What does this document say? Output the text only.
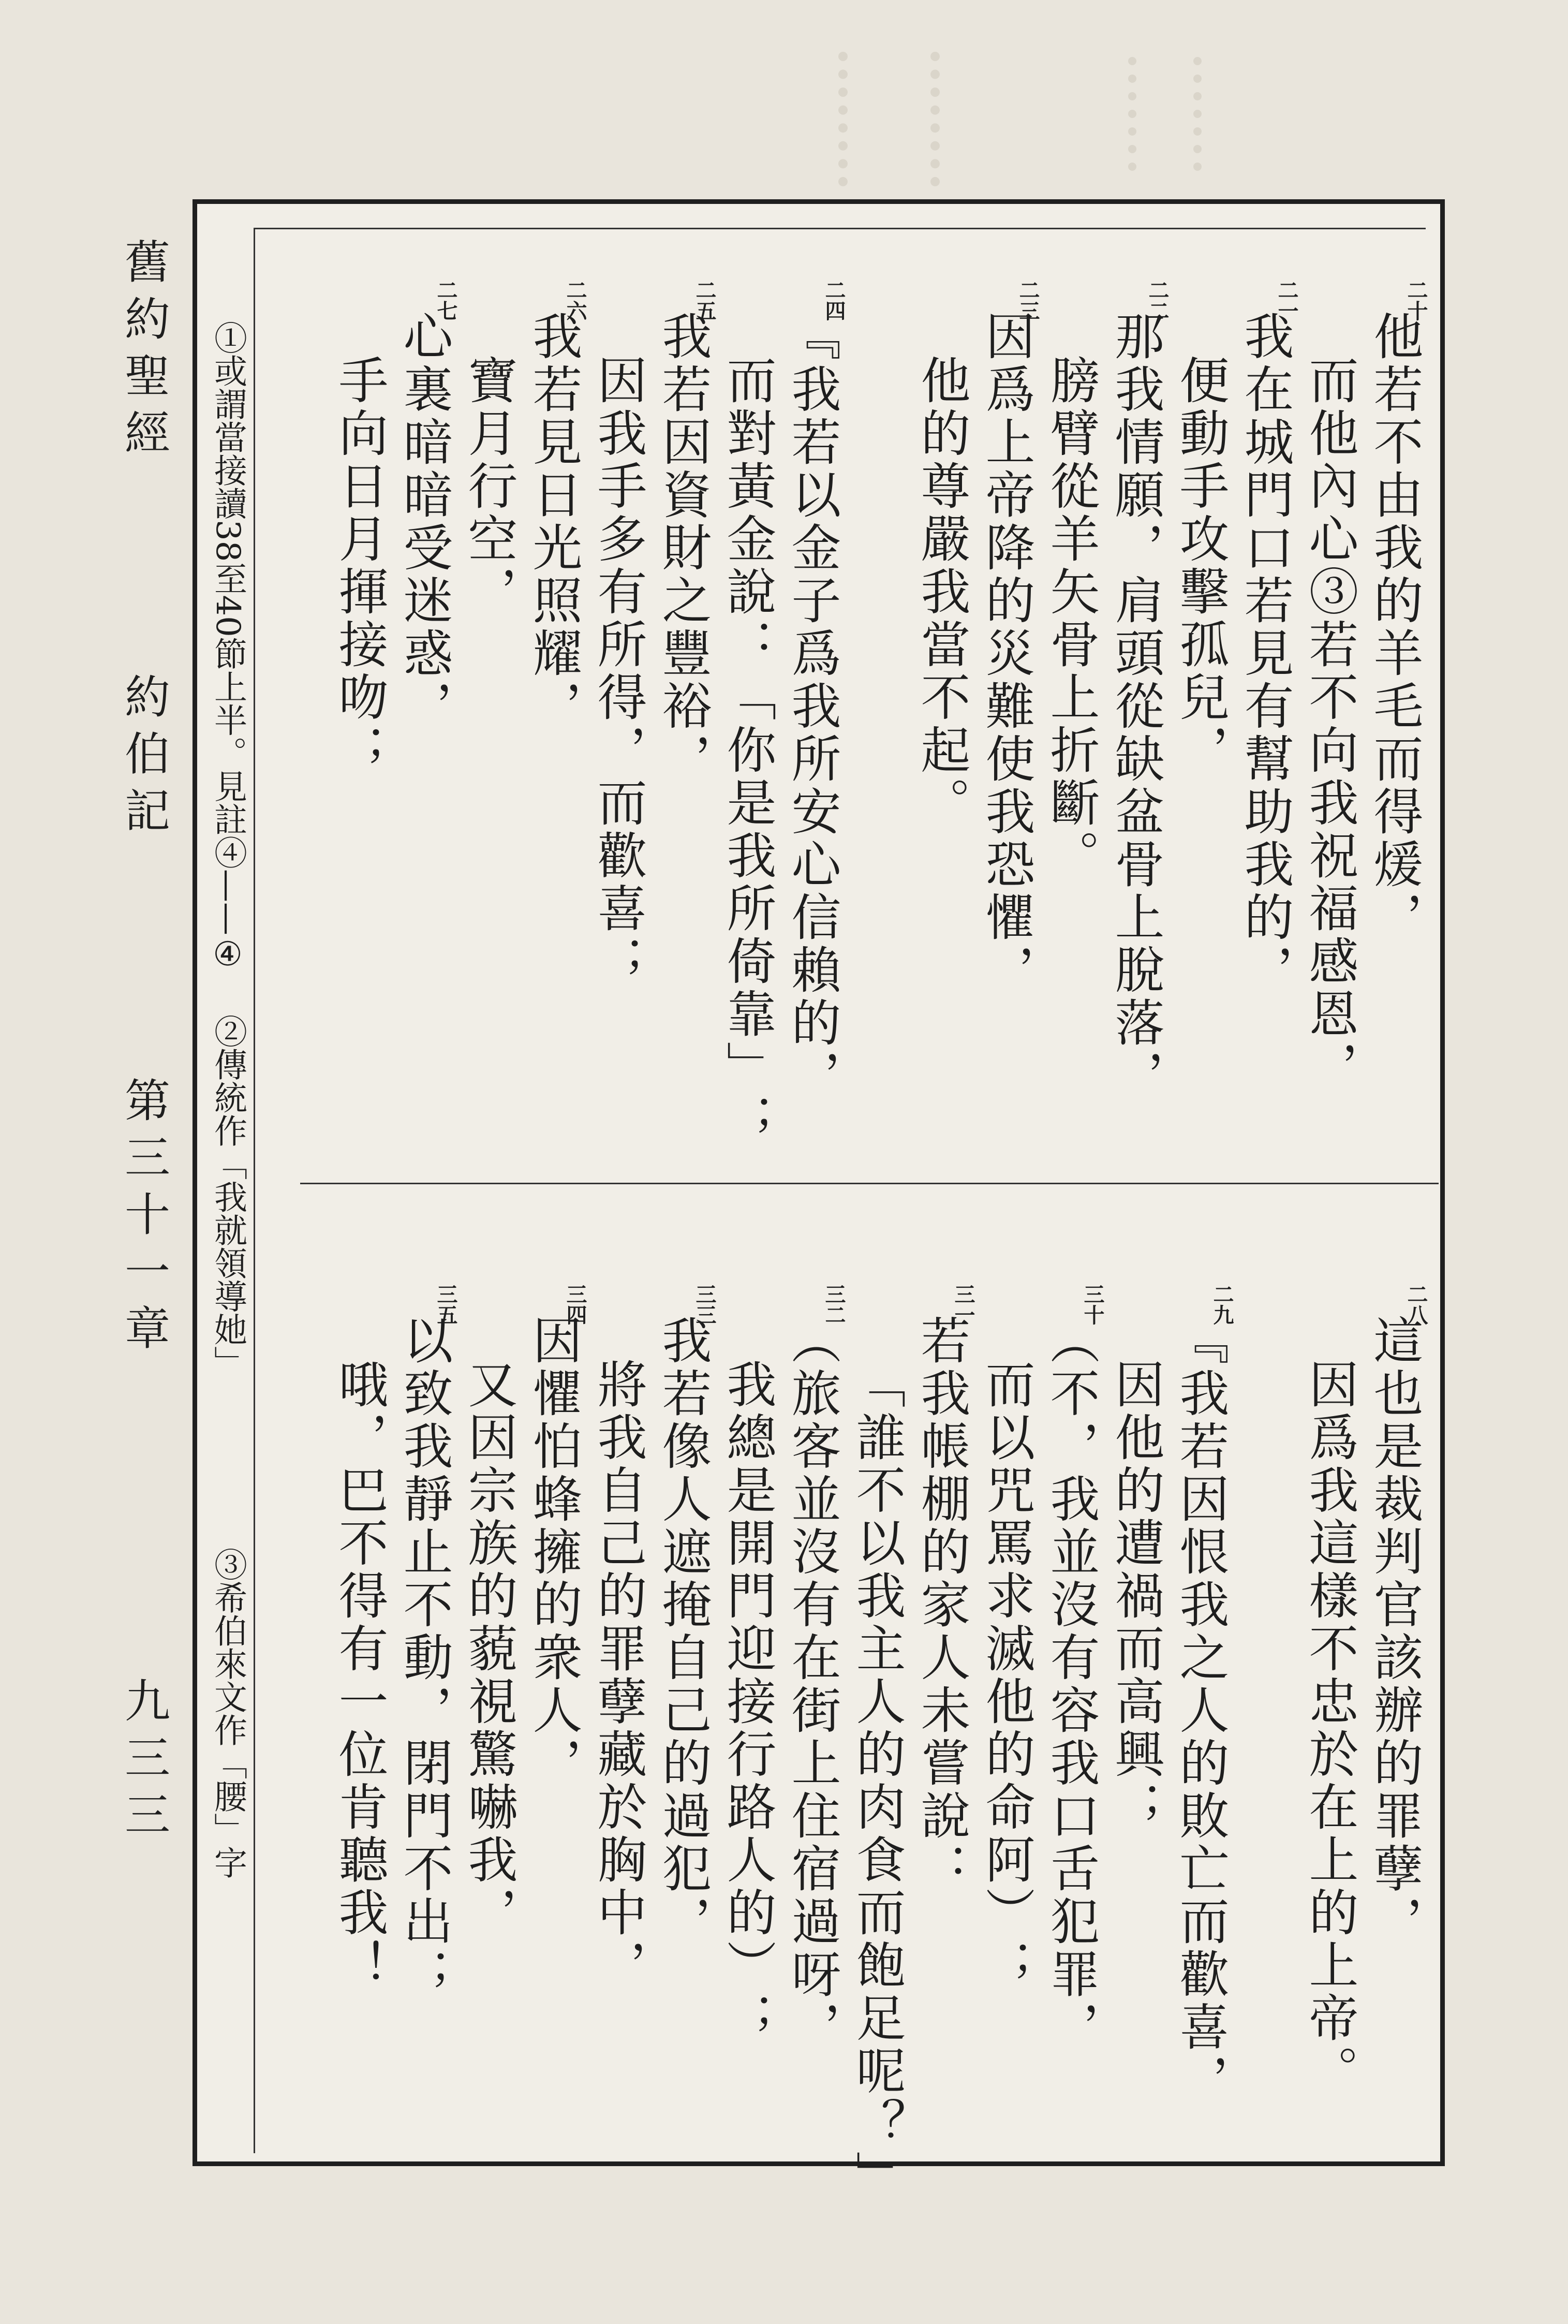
舊約聖經
約伯記
第三十一章
九三三
①或謂當接讀38至40節上半。見註④——④
②傳統作「我就領導她」
③希伯來文作「腰」字
他若不由我的羊毛而得煖，
二十
而他內心③若不向我祝福感恩，
我在城門口若見有幫助我的，
二一
便動手攻擊孤兒，
那我情願，肩頭從缺盆骨上脫落，
二二
膀臂從羊矢骨上折斷。
因爲上帝降的災難使我恐懼，
二三
他的尊嚴我當不起。
『我若以金子爲我所安心信賴的，
二四
而對黃金說：「你是我所倚靠」；
我若因資財之豐裕，
二五
因我手多有所得，而歡喜；
我若見日光照耀，
二六
寶月行空，
心裏暗暗受迷惑，
二七
手向日月揮接吻；
這也是裁判官該辦的罪孽，
二八
因爲我這樣不忠於在上的上帝。
『我若因恨我之人的敗亡而歡喜，
二九
因他的遭禍而高興；
（不，我並沒有容我口舌犯罪，
三十
而以咒罵求滅他的命阿）；
若我帳棚的家人未嘗說：
三一
「誰不以我主人的肉食而飽足呢？」
（旅客並沒有在街上住宿過呀，
三二
我總是開門迎接行路人的）；
我若像人遮掩自己的過犯，
三三
將我自己的罪孽藏於胸中，
因懼怕蜂擁的衆人，
三四
又因宗族的藐視驚嚇我，
以致我靜止不動，閉門不出；
三五
哦，巴不得有一位肯聽我！
